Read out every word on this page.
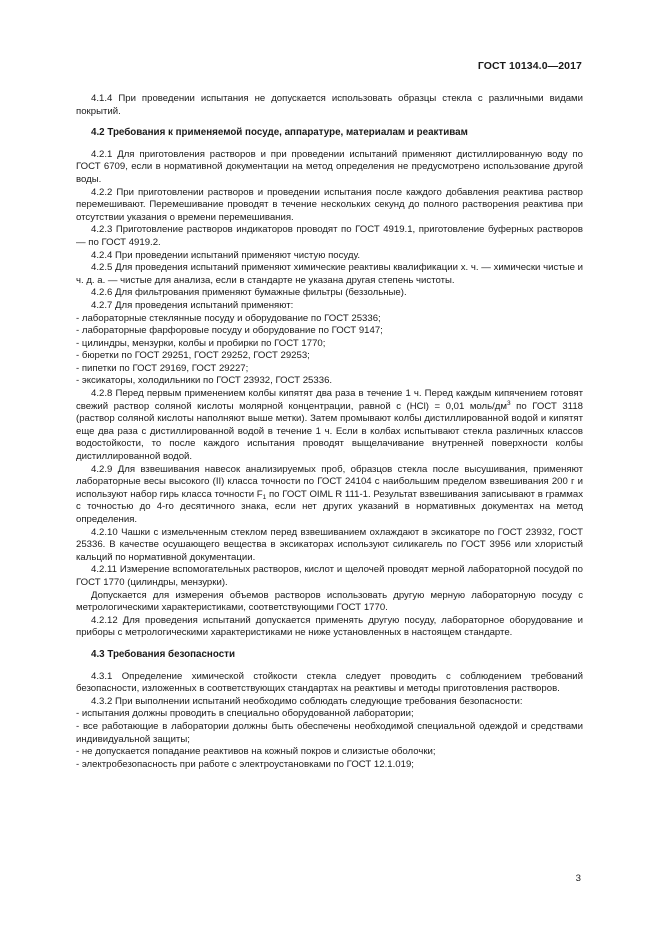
ГОСТ 10134.0—2017

4.1.4 При проведении испытания не допускается использовать образцы стекла с различными видами покрытий.

4.2 Требования к применяемой посуде, аппаратуре, материалам и реактивам

4.2.1 Для приготовления растворов и при проведении испытаний применяют дистиллированную воду по ГОСТ 6709, если в нормативной документации на метод определения не предусмотрено использование другой воды.

4.2.2 При приготовлении растворов и проведении испытания после каждого добавления реактива раствор перемешивают. Перемешивание проводят в течение нескольких секунд до полного растворения реактива при отсутствии указания о времени перемешивания.

4.2.3 Приготовление растворов индикаторов проводят по ГОСТ 4919.1, приготовление буферных растворов — по ГОСТ 4919.2.

4.2.4 При проведении испытаний применяют чистую посуду.

4.2.5 Для проведения испытаний применяют химические реактивы квалификации х. ч. — химически чистые и ч. д. а. — чистые для анализа, если в стандарте не указана другая степень чистоты.

4.2.6 Для фильтрования применяют бумажные фильтры (беззольные).

4.2.7 Для проведения испытаний применяют:

- лабораторные стеклянные посуду и оборудование по ГОСТ 25336;

- лабораторные фарфоровые посуду и оборудование по ГОСТ 9147;

- цилиндры, мензурки, колбы и пробирки по ГОСТ 1770;

- бюретки по ГОСТ 29251, ГОСТ 29252, ГОСТ 29253;

- пипетки по ГОСТ 29169, ГОСТ 29227;

- эксикаторы, холодильники по ГОСТ 23932, ГОСТ 25336.

4.2.8 Перед первым применением колбы кипятят два раза в течение 1 ч. Перед каждым кипячением готовят свежий раствор соляной кислоты молярной концентрации, равной с (HCl) = 0,01 моль/$дм^3$ по ГОСТ 3118 (раствор соляной кислоты наполняют выше метки). Затем промывают колбы дистиллированной водой и кипятят еще два раза с дистиллированной водой в течение 1 ч. Если в колбах испытывают стекла различных классов водостойкости, то после каждого испытания проводят выщелачивание внутренней поверхности колбы дистиллированной водой.

4.2.9 Для взвешивания навесок анализируемых проб, образцов стекла после высушивания, применяют лабораторные весы высокого (II) класса точности по ГОСТ 24104 с наибольшим пределом взвешивания 200 г и используют набор гирь класса точности $F_1$ по ГОСТ OIML R 111-1. Результат взвешивания записывают в граммах с точностью до 4-го десятичного знака, если нет других указаний в нормативных документах на метод определения.

4.2.10 Чашки с измельченным стеклом перед взвешиванием охлаждают в эксикаторе по ГОСТ 23932, ГОСТ 25336. В качестве осушающего вещества в эксикаторах используют силикагель по ГОСТ 3956 или хлористый кальций по нормативной документации.

4.2.11 Измерение вспомогательных растворов, кислот и щелочей проводят мерной лабораторной посудой по ГОСТ 1770 (цилиндры, мензурки).

Допускается для измерения объемов растворов использовать другую мерную лабораторную посуду с метрологическими характеристиками, соответствующими ГОСТ 1770.

4.2.12 Для проведения испытаний допускается применять другую посуду, лабораторное оборудование и приборы с метрологическими характеристиками не ниже установленных в настоящем стандарте.

4.3 Требования безопасности

4.3.1 Определение химической стойкости стекла следует проводить с соблюдением требований безопасности, изложенных в соответствующих стандартах на реактивы и методы приготовления растворов.

4.3.2 При выполнении испытаний необходимо соблюдать следующие требования безопасности:

- испытания должны проводить в специально оборудованной лаборатории;

- все работающие в лаборатории должны быть обеспечены необходимой специальной одеждой и средствами индивидуальной защиты;

- не допускается попадание реактивов на кожный покров и слизистые оболочки;

- электробезопасность при работе с электроустановками по ГОСТ 12.1.019;

3
